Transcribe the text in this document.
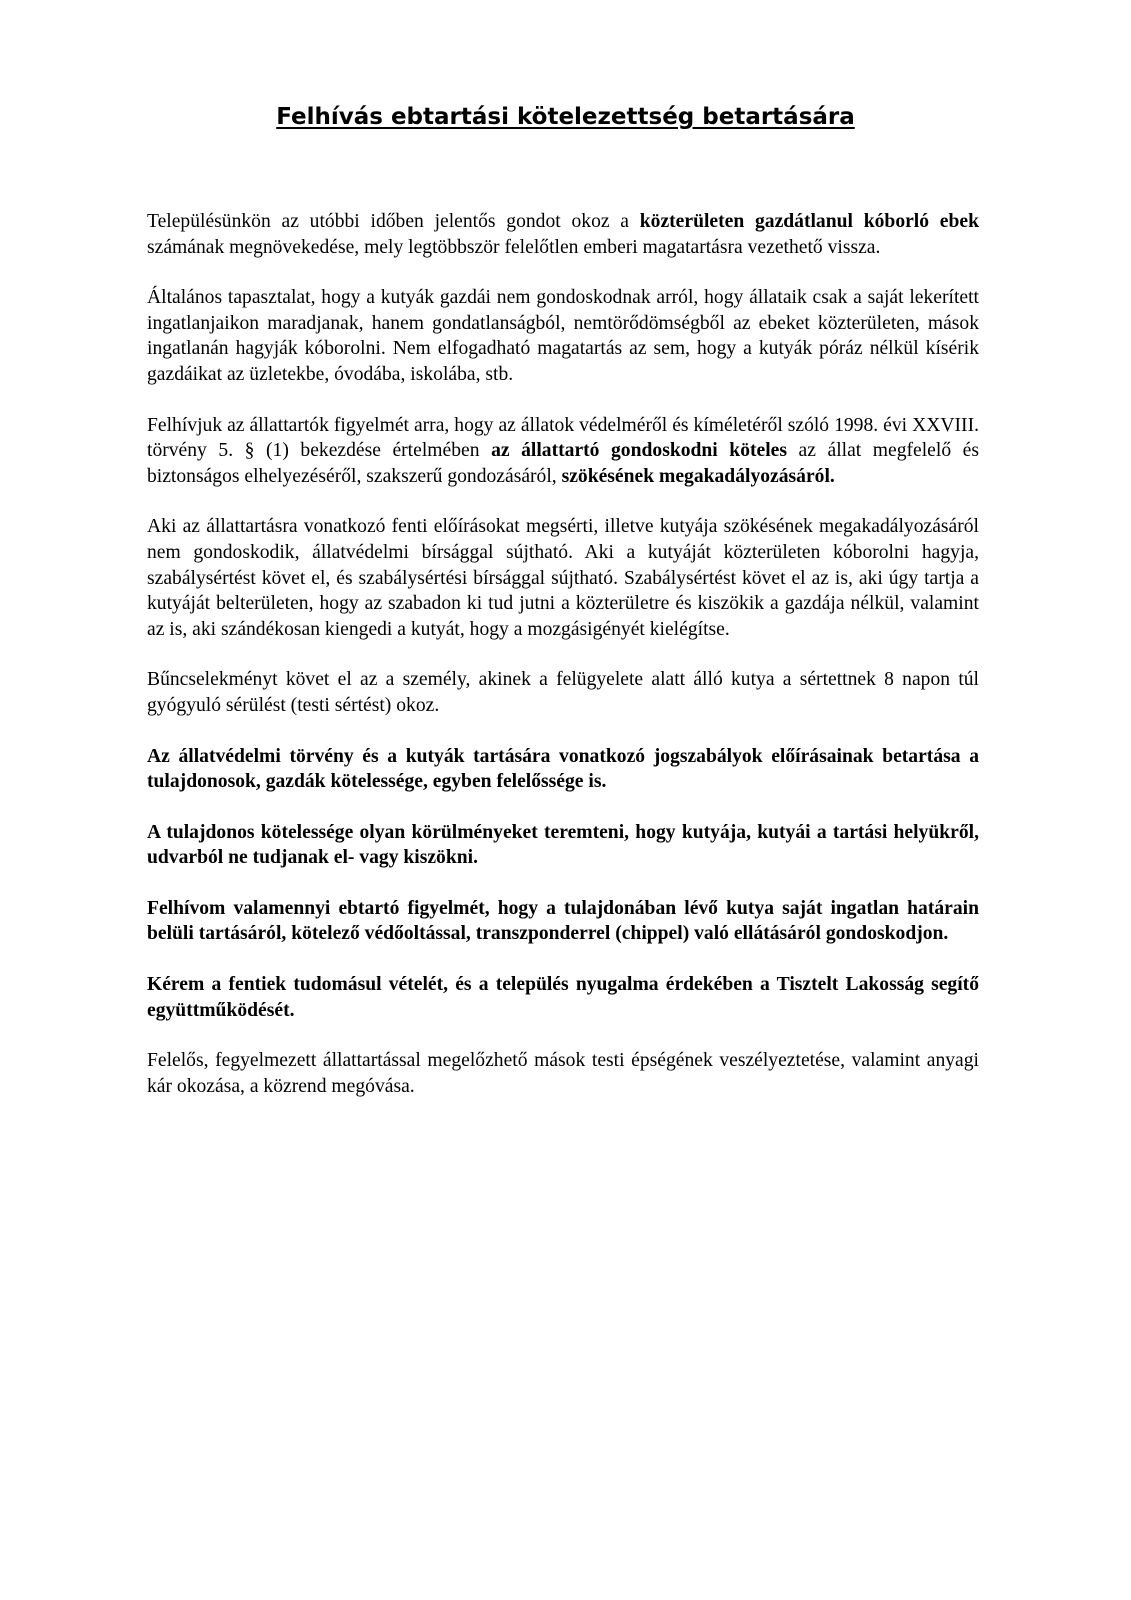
Felhívás ebtartási kötelezettség betartására

Településünkön az utóbbi időben jelentős gondot okoz a közterületen gazdátlanul kóborló ebek számának megnövekedése, mely legtöbbször felelőtlen emberi magatartásra vezethető vissza.

Általános tapasztalat, hogy a kutyák gazdái nem gondoskodnak arról, hogy állataik csak a saját lekerített ingatlanjaikon maradjanak, hanem gondatlanságból, nemtörődömségből az ebeket közterületen, mások ingatlanán hagyják kóborolni. Nem elfogadható magatartás az sem, hogy a kutyák póráz nélkül kísérik gazdáikat az üzletekbe, óvodába, iskolába, stb.

Felhívjuk az állattartók figyelmét arra, hogy az állatok védelméről és kíméletéről szóló 1998. évi XXVIII. törvény 5. § (1) bekezdése értelmében az állattartó gondoskodni köteles az állat megfelelő és biztonságos elhelyezéséről, szakszerű gondozásáról, szökésének megakadályozásáról.

Aki az állattartásra vonatkozó fenti előírásokat megsérti, illetve kutyája szökésének megakadályozásáról nem gondoskodik, állatvédelmi bírsággal sújtható. Aki a kutyáját közterületen kóborolni hagyja, szabálysértést követ el, és szabálysértési bírsággal sújtható. Szabálysértést követ el az is, aki úgy tartja a kutyáját belterületen, hogy az szabadon ki tud jutni a közterületre és kiszökik a gazdája nélkül, valamint az is, aki szándékosan kiengedi a kutyát, hogy a mozgásigényét kielégítse.

Bűncselekményt követ el az a személy, akinek a felügyelete alatt álló kutya a sértettnek 8 napon túl gyógyuló sérülést (testi sértést) okoz.

Az állatvédelmi törvény és a kutyák tartására vonatkozó jogszabályok előírásainak betartása a tulajdonosok, gazdák kötelessége, egyben felelőssége is.

A tulajdonos kötelessége olyan körülményeket teremteni, hogy kutyája, kutyái a tartási helyükről, udvarból ne tudjanak el- vagy kiszökni.

Felhívom valamennyi ebtartó figyelmét, hogy a tulajdonában lévő kutya saját ingatlan határain belüli tartásáról, kötelező védőoltással, transzponderrel (chippel) való ellátásáról gondoskodjon.

Kérem a fentiek tudomásul vételét, és a település nyugalma érdekében a Tisztelt Lakosság segítő együttműködését.

Felelős, fegyelmezett állattartással megelőzhető mások testi épségének veszélyeztetése, valamint anyagi kár okozása, a közrend megóvása.
